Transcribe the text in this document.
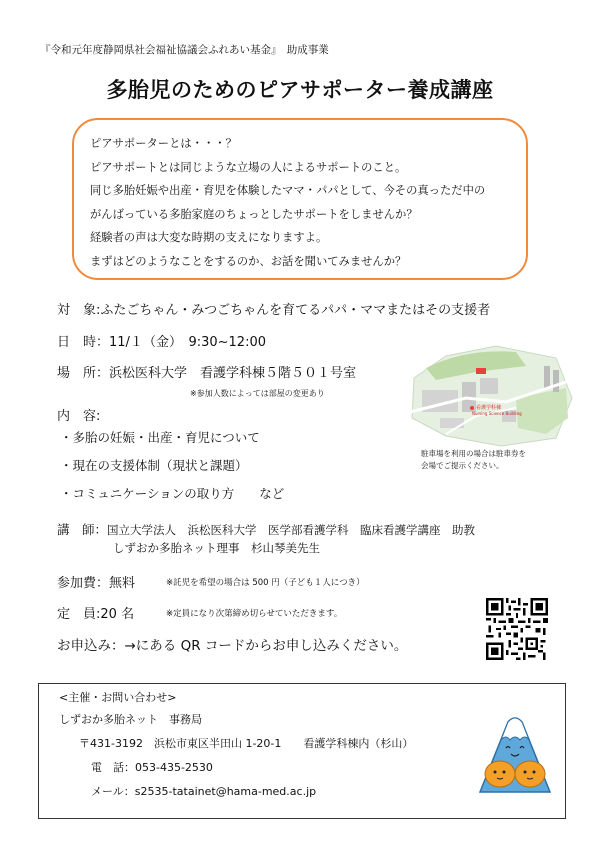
『令和元年度静岡県社会福祉協議会ふれあい基金』　助成事業
多胎児のためのピアサポーター養成講座
ピアサポーターとは・・・？
ピアサポートとは同じような立場の人によるサポートのこと。
同じ多胎妊娠や出産・育児を体験したママ・パパとして、今その真っただ中の
がんばっている多胎家庭のちょっとしたサポートをしませんか？
経験者の声は大変な時期の支えになりますよ。
まずはどのようなことをするのか、お話を聞いてみませんか？
対　象:ふたごちゃん・みつごちゃんを育てるパパ・ママまたはその支援者
日　時：11/１（金）　9:30~12:00
場　所：浜松医科大学　看護学科棟５階５０１号室
※参加人数によっては部屋の変更あり
内　容:
・多胎の妊娠・出産・育児について
・現在の支援体制（現状と課題）
・コミュニケーションの取り方　　など
看護学科棟
Nursing Science Building
駐車場を利用の場合は駐車券を
会場でご提示ください。
講　師：国立大学法人　浜松医科大学　医学部看護学科　臨床看護学講座　助教
しずおか多胎ネット理事　杉山琴美先生
参加費：無料	※託児を希望の場合は 500 円（子ども１人につき）
定　員:20 名	※定員になり次第締め切らせていただきます。
お申込み：→にある QR コードからお申し込みください。
<主催・お問い合わせ>
しずおか多胎ネット　事務局
〒431-3192　浜松市東区半田山 1-20-1　　看護学科棟内（杉山）
電　話：053-435-2530
メール：s2535-tatainet@hama-med.ac.jp
